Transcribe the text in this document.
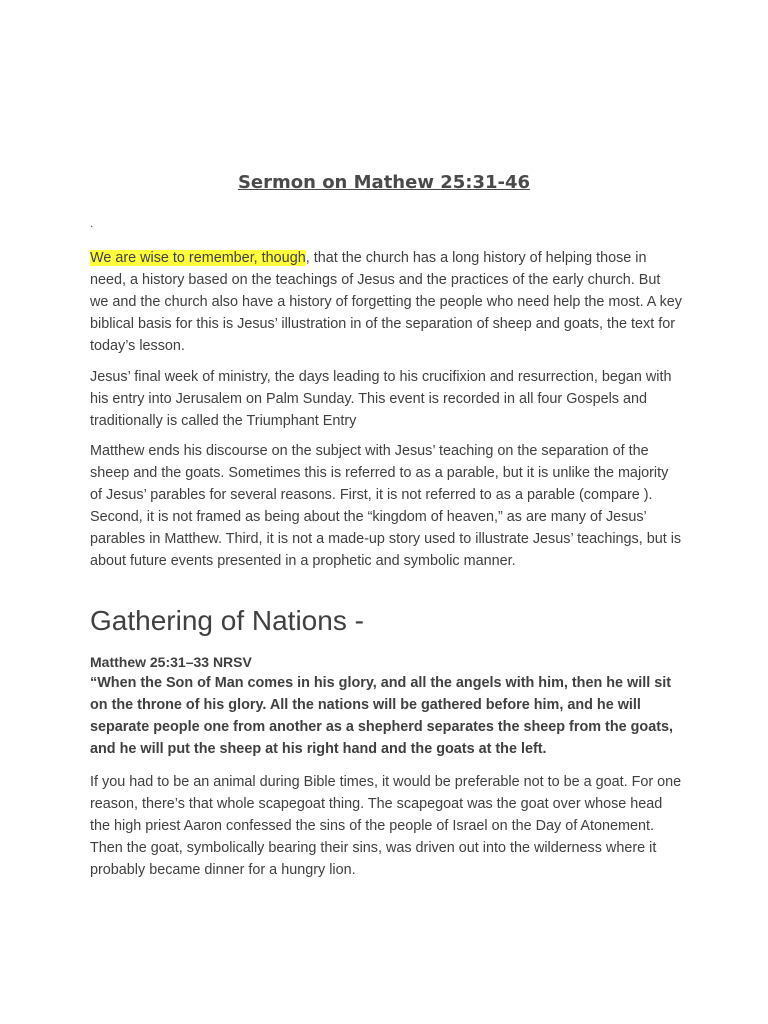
Sermon on Mathew 25:31-46
.

We are wise to remember, though, that the church has a long history of helping those in need, a history based on the teachings of Jesus and the practices of the early church. But we and the church also have a history of forgetting the people who need help the most. A key biblical basis for this is Jesus’ illustration in of the separation of sheep and goats, the text for today’s lesson.

Jesus’ final week of ministry, the days leading to his crucifixion and resurrection, began with his entry into Jerusalem on Palm Sunday. This event is recorded in all four Gospels and traditionally is called the Triumphant Entry

Matthew ends his discourse on the subject with Jesus’ teaching on the separation of the sheep and the goats. Sometimes this is referred to as a parable, but it is unlike the majority of Jesus’ parables for several reasons. First, it is not referred to as a parable (compare ). Second, it is not framed as being about the “kingdom of heaven,” as are many of Jesus’ parables in Matthew. Third, it is not a made-up story used to illustrate Jesus’ teachings, but is about future events presented in a prophetic and symbolic manner.

Gathering of Nations -
Matthew 25:31–33 NRSV

“When the Son of Man comes in his glory, and all the angels with him, then he will sit on the throne of his glory. All the nations will be gathered before him, and he will separate people one from another as a shepherd separates the sheep from the goats, and he will put the sheep at his right hand and the goats at the left.

If you had to be an animal during Bible times, it would be preferable not to be a goat. For one reason, there’s that whole scapegoat thing. The scapegoat was the goat over whose head the high priest Aaron confessed the sins of the people of Israel on the Day of Atonement. Then the goat, symbolically bearing their sins, was driven out into the wilderness where it probably became dinner for a hungry lion.
